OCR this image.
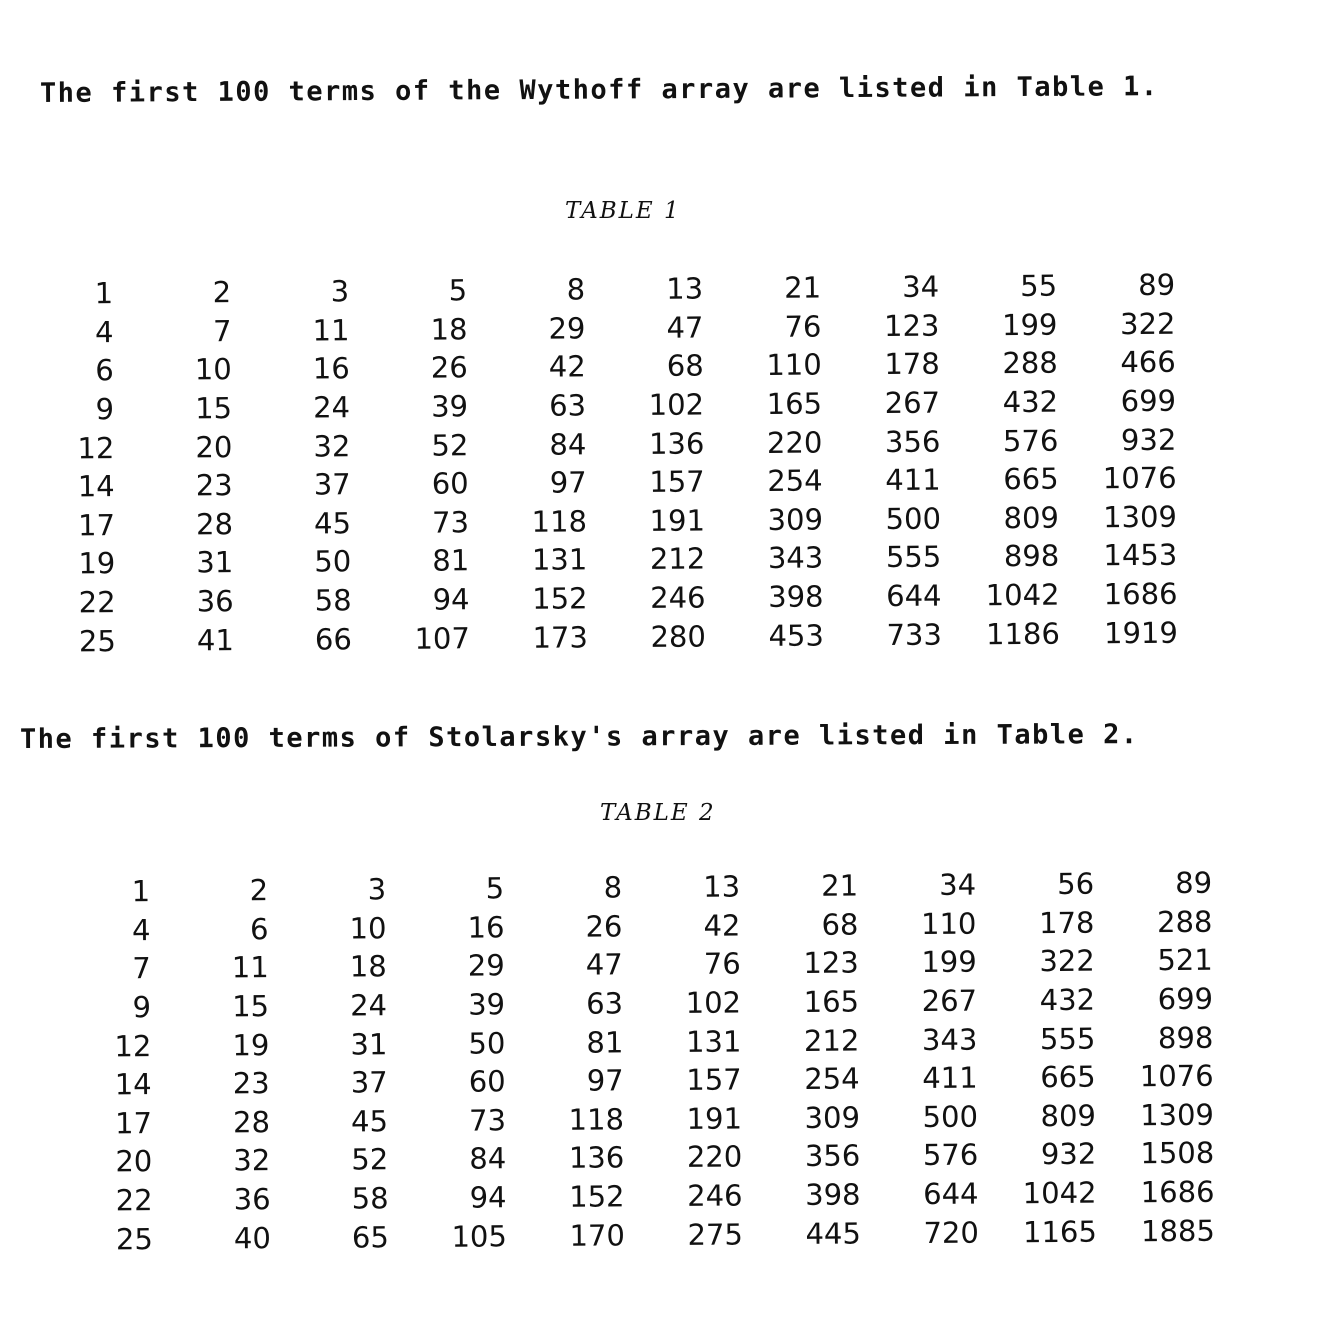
The first 100 terms of the Wythoff array are listed in Table 1.

TABLE 1

1	2	3	5	8	13	21	34	55	89
4	7	11	18	29	47	76	123	199	322
6	10	16	26	42	68	110	178	288	466
9	15	24	39	63	102	165	267	432	699
12	20	32	52	84	136	220	356	576	932
14	23	37	60	97	157	254	411	665	1076
17	28	45	73	118	191	309	500	809	1309
19	31	50	81	131	212	343	555	898	1453
22	36	58	94	152	246	398	644	1042	1686
25	41	66	107	173	280	453	733	1186	1919

The first 100 terms of Stolarsky's array are listed in Table 2.

TABLE 2

1	2	3	5	8	13	21	34	56	89
4	6	10	16	26	42	68	110	178	288
7	11	18	29	47	76	123	199	322	521
9	15	24	39	63	102	165	267	432	699
12	19	31	50	81	131	212	343	555	898
14	23	37	60	97	157	254	411	665	1076
17	28	45	73	118	191	309	500	809	1309
20	32	52	84	136	220	356	576	932	1508
22	36	58	94	152	246	398	644	1042	1686
25	40	65	105	170	275	445	720	1165	1885
